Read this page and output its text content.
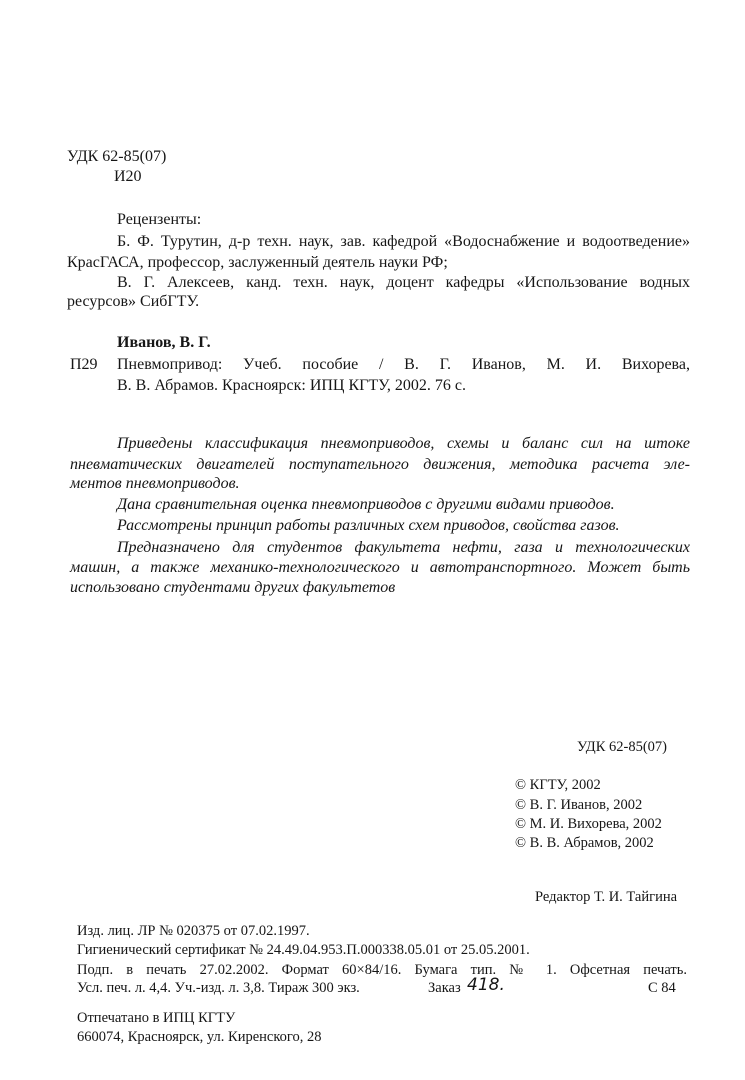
УДК 62-85(07)
И20
Рецензенты:
Б. Ф. Турутин, д-р техн. наук, зав. кафедрой «Водоснабжение и водоотведение»
КрасГАСА, профессор, заслуженный деятель науки РФ;
В. Г. Алексеев, канд. техн. наук, доцент кафедры «Использование водных
ресурсов» СибГТУ.
Иванов, В. Г.
П29 Пневмопривод: Учеб. пособие / В. Г. Иванов, М. И. Вихорева,
В. В. Абрамов. Красноярск: ИПЦ КГТУ, 2002. 76 с.
Приведены классификация пневмоприводов, схемы и баланс сил на штоке
пневматических двигателей поступательного движения, методика расчета эле-
ментов пневмоприводов.
Дана сравнительная оценка пневмоприводов с другими видами приводов.
Рассмотрены принцип работы различных схем приводов, свойства газов.
Предназначено для студентов факультета нефти, газа и технологических
машин, а также механико-технологического и автотранспортного. Может быть
использовано студентами других факультетов
УДК 62-85(07)
© КГТУ, 2002
© В. Г. Иванов, 2002
© М. И. Вихорева, 2002
© В. В. Абрамов, 2002
Редактор Т. И. Тайгина
Изд. лиц. ЛР № 020375 от 07.02.1997.
Гигиенический сертификат № 24.49.04.953.П.000338.05.01 от 25.05.2001.
Подп. в печать 27.02.2002. Формат 60×84/16. Бумага тип. № 1. Офсетная печать.
Усл. печ. л. 4,4. Уч.-изд. л. 3,8. Тираж 300 экз.	Заказ 418.	С 84
Отпечатано в ИПЦ КГТУ
660074, Красноярск, ул. Киренского, 28
